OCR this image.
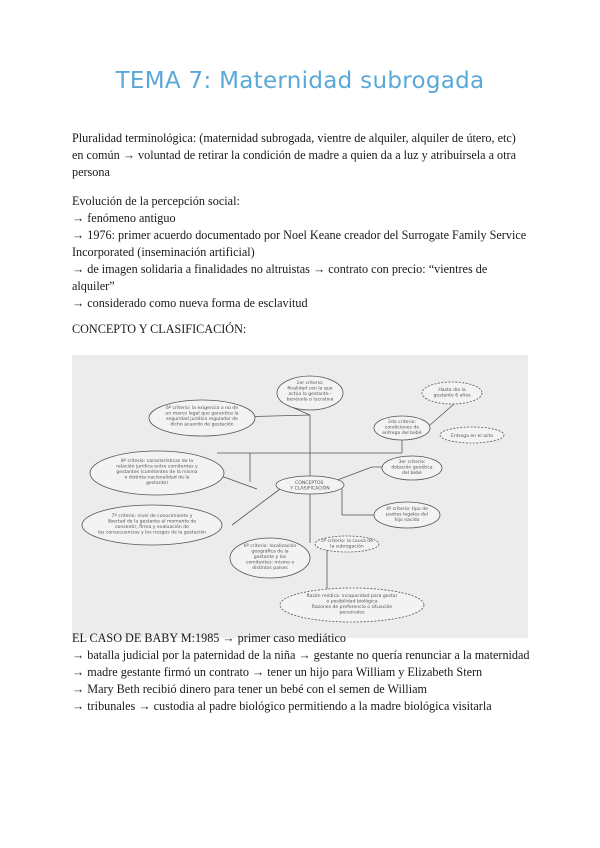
TEMA 7: Maternidad subrogada

Pluralidad terminológica: (maternidad subrogada, vientre de alquiler, alquiler de útero, etc)

en común → voluntad de retirar la condición de madre a quien da a luz y atribuírsela a otra

persona

Evolución de la percepción social:

→ fenómeno antiguo

→ 1976: primer acuerdo documentado por Noel Keane creador del Surrogate Family Service

Incorporated (inseminación artificial)

→ de imagen solidaria a finalidades no altruistas → contrato con precio: “vientres de

alquiler”

→ considerado como nueva forma de esclavitud

CONCEPTO Y CLASIFICACIÓN:
CONCEPTOS Y CLASIFICACIÓN
1er criterio: finalidad con la que actúa la gestante -benévola o lucrativa
6º criterio: la exigencia o no de un marco legal que garantice la seguridad jurídica regulador de dicho acuerdo de gestación
Hasta día la gestante 6 años
2do criterio: condiciones de entrega del bebé
Entrega en el acto
8º criterio: características de la relación jurídica entre comitentes y gestantes (comitentes de la misma o distinta nacionalidad de la gestante)
3er criterio: dotación genética del bebé
7º criterio: nivel de conocimiento y libertad de la gestante al momento de consentir, firma y evaluación de las consecuencias y los riesgos de la gestación
4º criterio: tipo de padres legales del hijo nacido
6º criterio: localización geográfica de la gestante y los comitentes: mismo o distintos países
5º criterio: la causa de la subrogación
Razón médica: incapacidad para gestar o posibilidad biológica Razones de preferencia o situación personales

EL CASO DE BABY M:1985 → primer caso mediático

→ batalla judicial por la paternidad de la niña → gestante no quería renunciar a la maternidad

→ madre gestante firmó un contrato → tener un hijo para William y Elizabeth Stern

→ Mary Beth recibió dinero para tener un bebé con el semen de William

→ tribunales → custodia al padre biológico permitiendo a la madre biológica visitarla
